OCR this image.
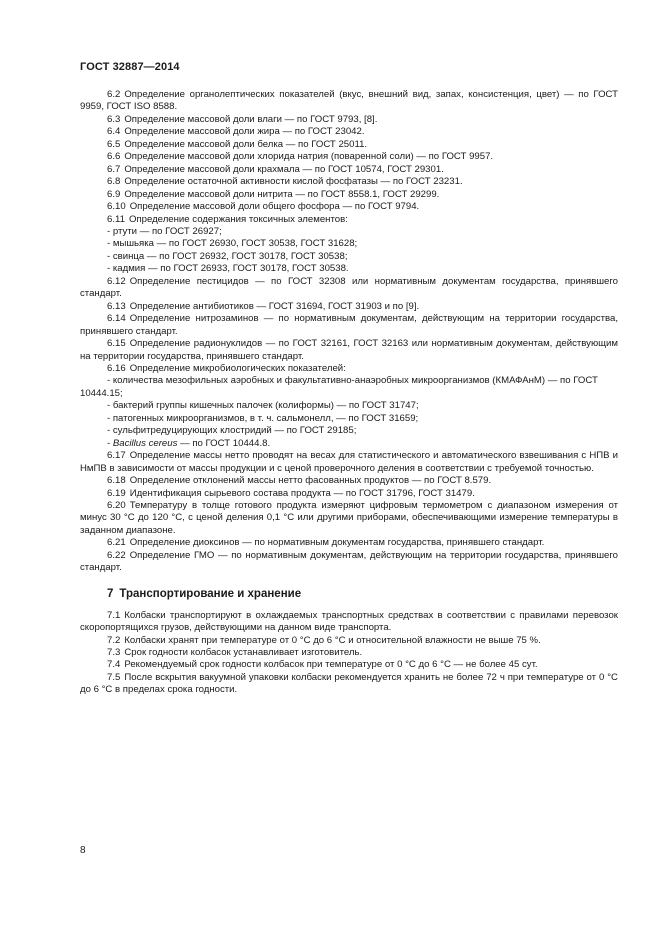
ГОСТ 32887—2014

6.2 Определение органолептических показателей (вкус, внешний вид, запах, консистенция, цвет) — по ГОСТ 9959, ГОСТ ISO 8588.

6.3 Определение массовой доли влаги — по ГОСТ 9793, [8].

6.4 Определение массовой доли жира — по ГОСТ 23042.

6.5 Определение массовой доли белка — по ГОСТ 25011.

6.6 Определение массовой доли хлорида натрия (поваренной соли) — по ГОСТ 9957.

6.7 Определение массовой доли крахмала — по ГОСТ 10574, ГОСТ 29301.

6.8 Определение остаточной активности кислой фосфатазы — по ГОСТ 23231.

6.9 Определение массовой доли нитрита — по ГОСТ 8558.1, ГОСТ 29299.

6.10 Определение массовой доли общего фосфора — по ГОСТ 9794.

6.11 Определение содержания токсичных элементов:

- ртути — по ГОСТ 26927;

- мышьяка — по ГОСТ 26930, ГОСТ 30538, ГОСТ 31628;

- свинца — по ГОСТ 26932, ГОСТ 30178, ГОСТ 30538;

- кадмия — по ГОСТ 26933, ГОСТ 30178, ГОСТ 30538.

6.12 Определение пестицидов — по ГОСТ 32308 или нормативным документам государства, принявшего стандарт.

6.13 Определение антибиотиков — ГОСТ 31694, ГОСТ 31903 и по [9].

6.14 Определение нитрозаминов — по нормативным документам, действующим на территории государства, принявшего стандарт.

6.15 Определение радионуклидов — по ГОСТ 32161, ГОСТ 32163 или нормативным документам, действующим на территории государства, принявшего стандарт.

6.16 Определение микробиологических показателей:

- количества мезофильных аэробных и факультативно-анаэробных микроорганизмов (КМАФАнМ) — по ГОСТ 10444.15;

- бактерий группы кишечных палочек (колиформы) — по ГОСТ 31747;

- патогенных микроорганизмов, в т. ч. сальмонелл, — по ГОСТ 31659;

- сульфитредуцирующих клостридий — по ГОСТ 29185;

- Bacillus cereus — по ГОСТ 10444.8.

6.17 Определение массы нетто проводят на весах для статистического и автоматического взвешивания с НПВ и НмПВ в зависимости от массы продукции и с ценой проверочного деления в соответствии с требуемой точностью.

6.18 Определение отклонений массы нетто фасованных продуктов — по ГОСТ 8.579.

6.19 Идентификация сырьевого состава продукта — по ГОСТ 31796, ГОСТ 31479.

6.20 Температуру в толще готового продукта измеряют цифровым термометром с диапазоном измерения от минус 30 °С до 120 °С, с ценой деления 0,1 °С или другими приборами, обеспечивающими измерение температуры в заданном диапазоне.

6.21 Определение диоксинов — по нормативным документам государства, принявшего стандарт.

6.22 Определение ГМО — по нормативным документам, действующим на территории государства, принявшего стандарт.

7 Транспортирование и хранение

7.1 Колбаски транспортируют в охлаждаемых транспортных средствах в соответствии с правилами перевозок скоропортящихся грузов, действующими на данном виде транспорта.

7.2 Колбаски хранят при температуре от 0 °С до 6 °С и относительной влажности не выше 75 %.

7.3 Срок годности колбасок устанавливает изготовитель.

7.4 Рекомендуемый срок годности колбасок при температуре от 0 °С до 6 °С — не более 45 сут.

7.5 После вскрытия вакуумной упаковки колбаски рекомендуется хранить не более 72 ч при температуре от 0 °С до 6 °С в пределах срока годности.

8
